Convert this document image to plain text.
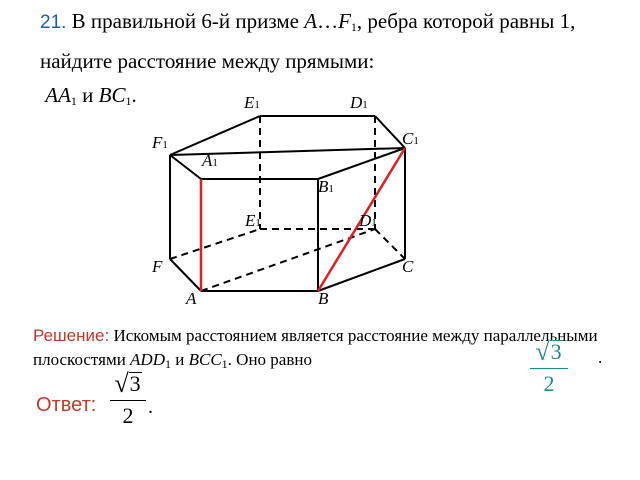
21. В правильной 6-й призме $A\dots F_1$, ребра которой равны 1, найдите расстояние между прямыми:
$AA_1$ и $BC_1$.	E1	D1
F1	C1
A1
B1
E1	D1
F	C
A	B

Решение: Искомым расстоянием является расстояние между параллельными плоскостями $ADD_1$ и $BCC_1$. Оно равно	√ 3
2
.
Ответ:
√ 3
2 .
